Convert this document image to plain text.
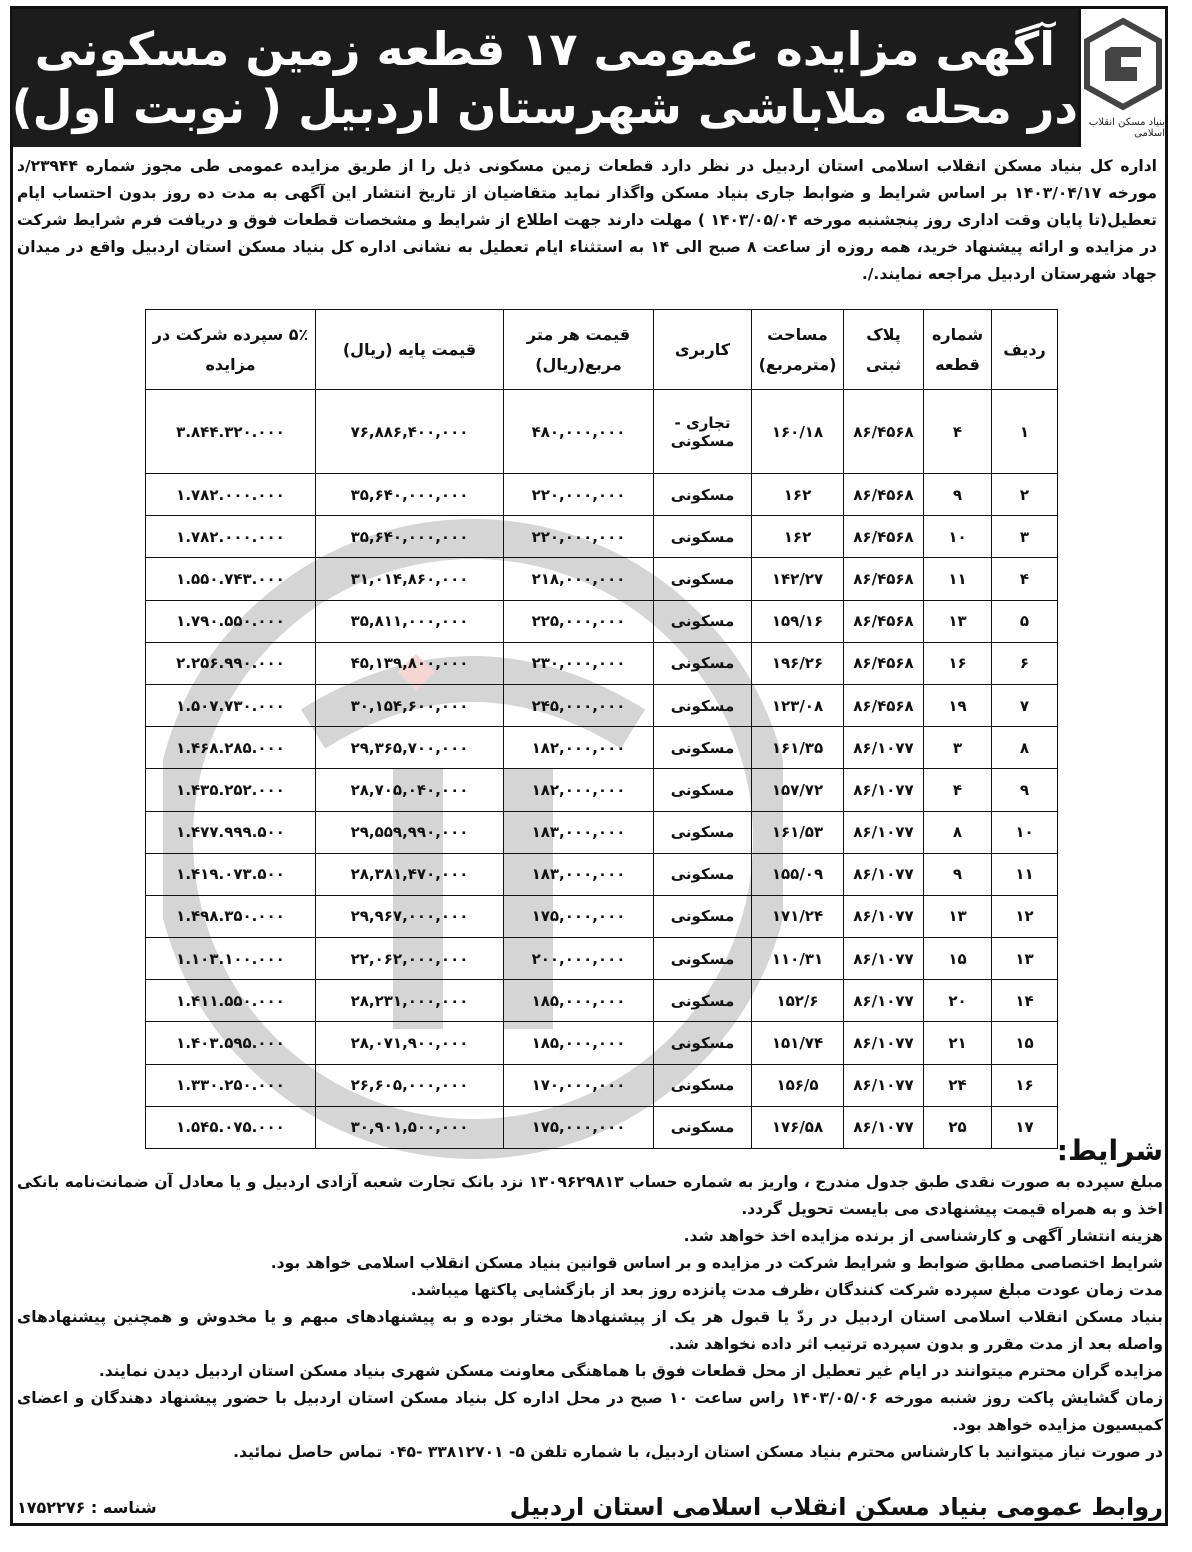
بنیاد مسکن انقلاب اسلامی
آگهی مزایده عمومی ۱۷ قطعه زمین مسکونی
در محله ملاباشی شهرستان اردبیل ( نوبت اول)
اداره کل بنیاد مسکن انقلاب اسلامی استان اردبیل در نظر دارد قطعات زمین مسکونی ذیل را از طریق مزایده عمومی طی مجوز شماره ۲۳۹۴۴/د مورخه ۱۴۰۳/۰۴/۱۷ بر اساس شرایط و ضوابط جاری بنیاد مسکن واگذار نماید متقاضیان از تاریخ انتشار این آگهی به مدت ده روز بدون احتساب ایام تعطیل(تا پایان وقت اداری روز پنجشنبه مورخه ۱۴۰۳/۰۵/۰۴ ) مهلت دارند جهت اطلاع از شرایط و مشخصات قطعات فوق و دریافت فرم شرایط شرکت در مزایده و ارائه پیشنهاد خرید، همه روزه از ساعت ۸ صبح الی ۱۴ به استثناء ایام تعطیل به نشانی اداره کل بنیاد مسکن استان اردبیل واقع در میدان جهاد شهرستان اردبیل مراجعه نمایند./.
ردیف	شماره قطعه	پلاک ثبتی	مساحت (مترمربع)	کاربری	قیمت هر متر مربع(ریال)	قیمت پایه (ریال)	۵٪ سپرده شرکت در مزایده
۱	۴	۸۶/۴۵۶۸	۱۶۰/۱۸	تجاری - مسکونی	۴۸۰,۰۰۰,۰۰۰	۷۶,۸۸۶,۴۰۰,۰۰۰	۳.۸۴۴.۳۲۰.۰۰۰
۲	۹	۸۶/۴۵۶۸	۱۶۲	مسکونی	۲۲۰,۰۰۰,۰۰۰	۳۵,۶۴۰,۰۰۰,۰۰۰	۱.۷۸۲.۰۰۰.۰۰۰
۳	۱۰	۸۶/۴۵۶۸	۱۶۲	مسکونی	۲۲۰,۰۰۰,۰۰۰	۳۵,۶۴۰,۰۰۰,۰۰۰	۱.۷۸۲.۰۰۰.۰۰۰
۴	۱۱	۸۶/۴۵۶۸	۱۴۲/۲۷	مسکونی	۲۱۸,۰۰۰,۰۰۰	۳۱,۰۱۴,۸۶۰,۰۰۰	۱.۵۵۰.۷۴۳.۰۰۰
۵	۱۳	۸۶/۴۵۶۸	۱۵۹/۱۶	مسکونی	۲۲۵,۰۰۰,۰۰۰	۳۵,۸۱۱,۰۰۰,۰۰۰	۱.۷۹۰.۵۵۰.۰۰۰
۶	۱۶	۸۶/۴۵۶۸	۱۹۶/۲۶	مسکونی	۲۳۰,۰۰۰,۰۰۰	۴۵,۱۳۹,۸۰۰,۰۰۰	۲.۲۵۶.۹۹۰.۰۰۰
۷	۱۹	۸۶/۴۵۶۸	۱۲۳/۰۸	مسکونی	۲۴۵,۰۰۰,۰۰۰	۳۰,۱۵۴,۶۰۰,۰۰۰	۱.۵۰۷.۷۳۰.۰۰۰
۸	۳	۸۶/۱۰۷۷	۱۶۱/۳۵	مسکونی	۱۸۲,۰۰۰,۰۰۰	۲۹,۳۶۵,۷۰۰,۰۰۰	۱.۴۶۸.۲۸۵.۰۰۰
۹	۴	۸۶/۱۰۷۷	۱۵۷/۷۲	مسکونی	۱۸۲,۰۰۰,۰۰۰	۲۸,۷۰۵,۰۴۰,۰۰۰	۱.۴۳۵.۲۵۲.۰۰۰
۱۰	۸	۸۶/۱۰۷۷	۱۶۱/۵۳	مسکونی	۱۸۳,۰۰۰,۰۰۰	۲۹,۵۵۹,۹۹۰,۰۰۰	۱.۴۷۷.۹۹۹.۵۰۰
۱۱	۹	۸۶/۱۰۷۷	۱۵۵/۰۹	مسکونی	۱۸۳,۰۰۰,۰۰۰	۲۸,۳۸۱,۴۷۰,۰۰۰	۱.۴۱۹.۰۷۳.۵۰۰
۱۲	۱۳	۸۶/۱۰۷۷	۱۷۱/۲۴	مسکونی	۱۷۵,۰۰۰,۰۰۰	۲۹,۹۶۷,۰۰۰,۰۰۰	۱.۴۹۸.۳۵۰.۰۰۰
۱۳	۱۵	۸۶/۱۰۷۷	۱۱۰/۳۱	مسکونی	۲۰۰,۰۰۰,۰۰۰	۲۲,۰۶۲,۰۰۰,۰۰۰	۱.۱۰۳.۱۰۰.۰۰۰
۱۴	۲۰	۸۶/۱۰۷۷	۱۵۲/۶	مسکونی	۱۸۵,۰۰۰,۰۰۰	۲۸,۲۳۱,۰۰۰,۰۰۰	۱.۴۱۱.۵۵۰.۰۰۰
۱۵	۲۱	۸۶/۱۰۷۷	۱۵۱/۷۴	مسکونی	۱۸۵,۰۰۰,۰۰۰	۲۸,۰۷۱,۹۰۰,۰۰۰	۱.۴۰۳.۵۹۵.۰۰۰
۱۶	۲۴	۸۶/۱۰۷۷	۱۵۶/۵	مسکونی	۱۷۰,۰۰۰,۰۰۰	۲۶,۶۰۵,۰۰۰,۰۰۰	۱.۳۳۰.۲۵۰.۰۰۰
۱۷	۲۵	۸۶/۱۰۷۷	۱۷۶/۵۸	مسکونی	۱۷۵,۰۰۰,۰۰۰	۳۰,۹۰۱,۵۰۰,۰۰۰	۱.۵۴۵.۰۷۵.۰۰۰
شرایط:
مبلغ سپرده به صورت نقدی طبق جدول مندرج ، واریز به شماره حساب ۱۳۰۹۶۲۹۸۱۳ نزد بانک تجارت شعبه آزادی اردبیل و یا معادل آن ضمانت‌نامه بانکی اخذ و به همراه قیمت پیشنهادی می بایست تحویل گردد.
هزینه انتشار آگهی و کارشناسی از برنده مزایده اخذ خواهد شد.
شرایط اختصاصی مطابق ضوابط و شرایط شرکت در مزایده و بر اساس قوانین بنیاد مسکن انقلاب اسلامی خواهد بود.
مدت زمان عودت مبلغ سپرده شرکت کنندگان ،ظرف مدت پانزده روز بعد از بازگشایی پاکتها میباشد.
بنیاد مسکن انقلاب اسلامی استان اردبیل در ردّ یا قبول هر یک از پیشنهادها مختار بوده و به پیشنهادهای مبهم و یا مخدوش و همچنین پیشنهادهای واصله بعد از مدت مقرر و بدون سپرده ترتیب اثر داده نخواهد شد.
مزایده گران محترم میتوانند در ایام غیر تعطیل از محل قطعات فوق با هماهنگی معاونت مسکن شهری بنیاد مسکن استان اردبیل دیدن نمایند.
زمان گشایش پاکت روز شنبه مورخه ۱۴۰۳/۰۵/۰۶ راس ساعت ۱۰ صبح در محل اداره کل بنیاد مسکن استان اردبیل با حضور پیشنهاد دهندگان و اعضای کمیسیون مزایده خواهد بود.
در صورت نیاز میتوانید با کارشناس محترم بنیاد مسکن استان اردبیل، با شماره تلفن ۵- ۳۳۸۱۲۷۰۱ -۰۴۵ تماس حاصل نمائید.
روابط عمومی بنیاد مسکن انقلاب اسلامی استان اردبیل
شناسه : ۱۷۵۲۲۷۶
